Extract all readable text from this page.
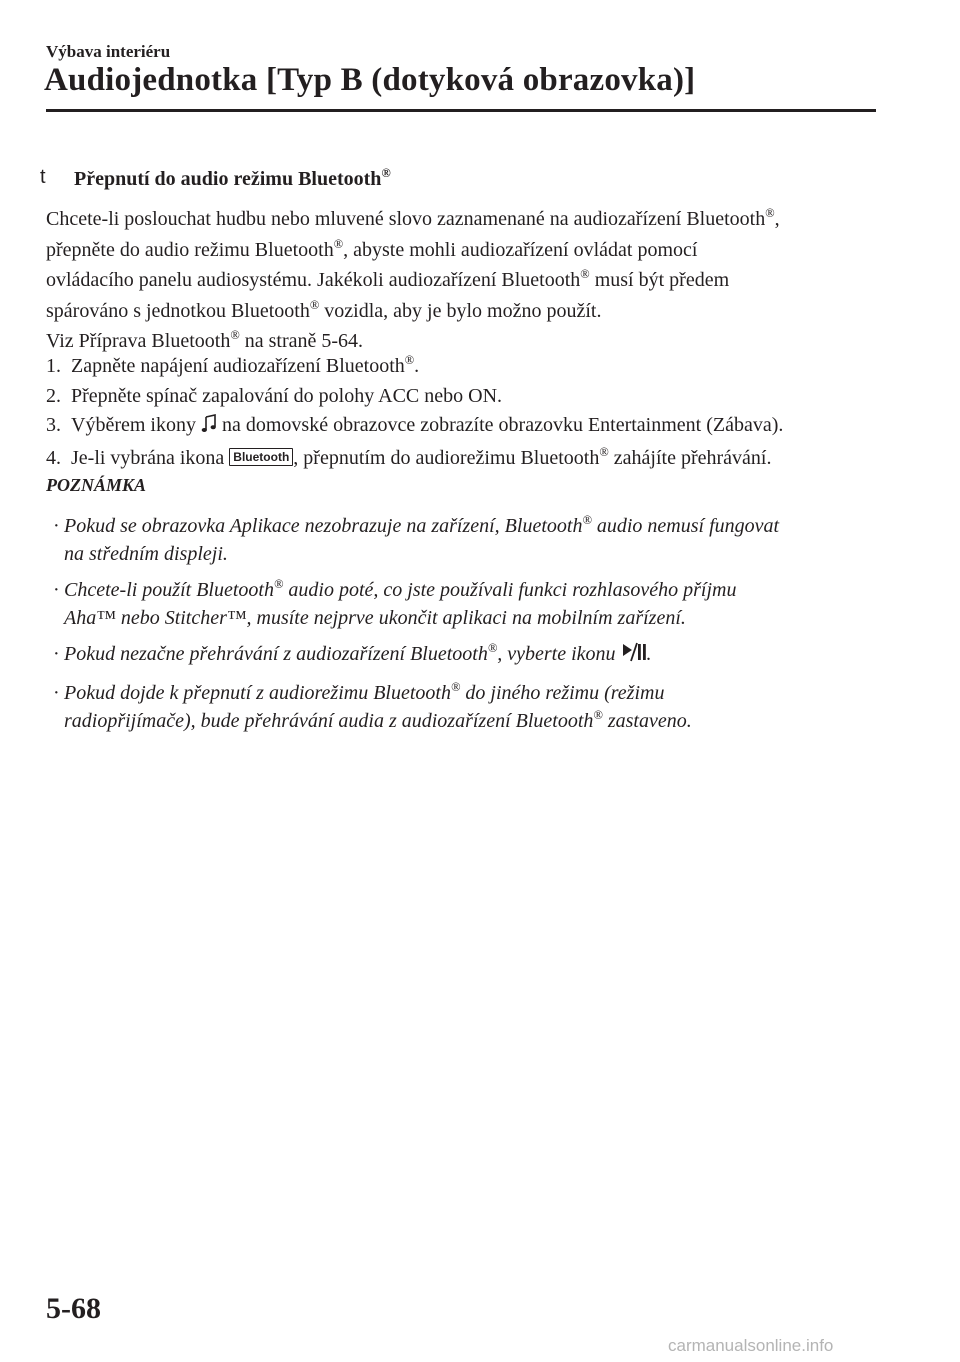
Výbava interiéru
Audiojednotka [Typ B (dotyková obrazovka)]
t Přepnutí do audio režimu Bluetooth®
Chcete-li poslouchat hudbu nebo mluvené slovo zaznamenané na audiozařízení Bluetooth®,
přepněte do audio režimu Bluetooth®, abyste mohli audiozařízení ovládat pomocí
ovládacího panelu audiosystému. Jakékoli audiozařízení Bluetooth® musí být předem
spárováno s jednotkou Bluetooth® vozidla, aby je bylo možno použít.
Viz Příprava Bluetooth® na straně 5-64.
1. Zapněte napájení audiozařízení Bluetooth®.
2. Přepněte spínač zapalování do polohy ACC nebo ON.
3. Výběrem ikony  na domovské obrazovce zobrazíte obrazovku Entertainment (Zábava).
4. Je-li vybrána ikona Bluetooth , přepnutím do audiorežimu Bluetooth® zahájíte přehrávání.
POZNÁMKA
· Pokud se obrazovka Aplikace nezobrazuje na zařízení, Bluetooth® audio nemusí fungovat
na středním displeji.
· Chcete-li použít Bluetooth® audio poté, co jste používali funkci rozhlasového příjmu
Aha™ nebo Stitcher™, musíte nejprve ukončit aplikaci na mobilním zařízení.
· Pokud nezačne přehrávání z audiozařízení Bluetooth®, vyberte ikonu .
· Pokud dojde k přepnutí z audiorežimu Bluetooth® do jiného režimu (režimu
radiopřijímače), bude přehrávání audia z audiozařízení Bluetooth® zastaveno.
5-68
carmanualsonline.info
